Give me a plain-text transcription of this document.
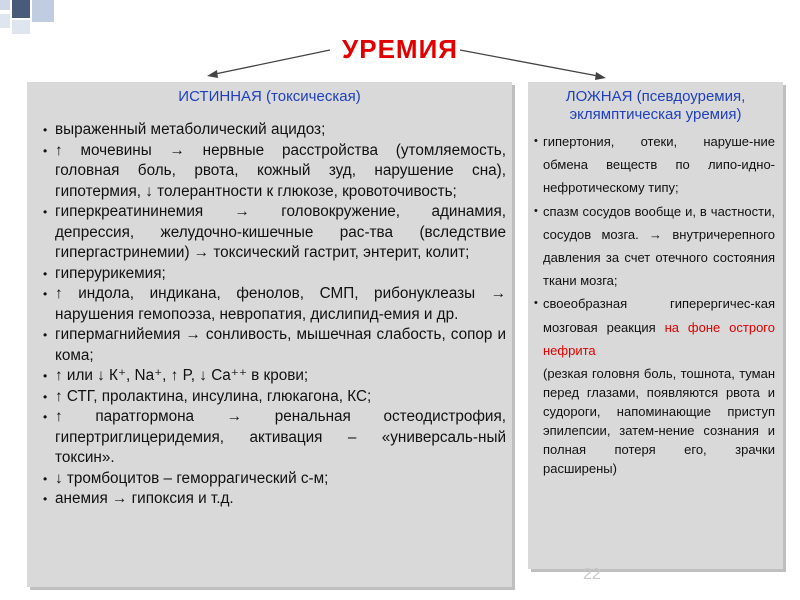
УРЕМИЯ
ИСТИННАЯ (токсическая)
• выраженный метаболический ацидоз;
• ↑ мочевины → нервные расстройства (утомляемость, головная боль, рвота, кожный зуд, нарушение сна), гипотермия, ↓ толерантности к глюкозе, кровоточивость;
• гиперкреатининемия → головокружение, адинамия, депрессия, желудочно-кишечные рас-тва (вследствие гипергастринемии) → токсический гастрит, энтерит, колит;
• гиперурикемия;
• ↑ индола, индикана, фенолов, СМП, рибонуклеазы → нарушения гемопоэза, невропатия, дислипид-емия и др.
• гипермагнийемия → сонливость, мышечная слабость, сопор и кома;
• ↑ или ↓ К⁺, Na⁺, ↑ P, ↓ Ca⁺⁺ в крови;
• ↑ СТГ, пролактина, инсулина, глюкагона, КС;
• ↑ паратгормона → ренальная остеодистрофия, гипертриглицеридемия, активация – «универсаль-ный токсин».
• ↓ тромбоцитов – геморрагический с-м;
• анемия → гипоксия и т.д.
ЛОЖНАЯ (псевдоуремия, эклямптическая уремия)
• гипертония, отеки, наруше-ние обмена веществ по липо-идно-нефротическому типу;
• спазм сосудов вообще и, в частности, сосудов мозга. → внутричерепного давления за счет отечного состояния ткани мозга;
• своеобразная гиперергичес-кая мозговая реакция на фоне острого нефрита
(резкая головня боль, тошнота, туман перед глазами, появляются рвота и судороги, напоминающие приступ эпилепсии, затем-нение сознания и полная потеря его, зрачки расширены)
22
